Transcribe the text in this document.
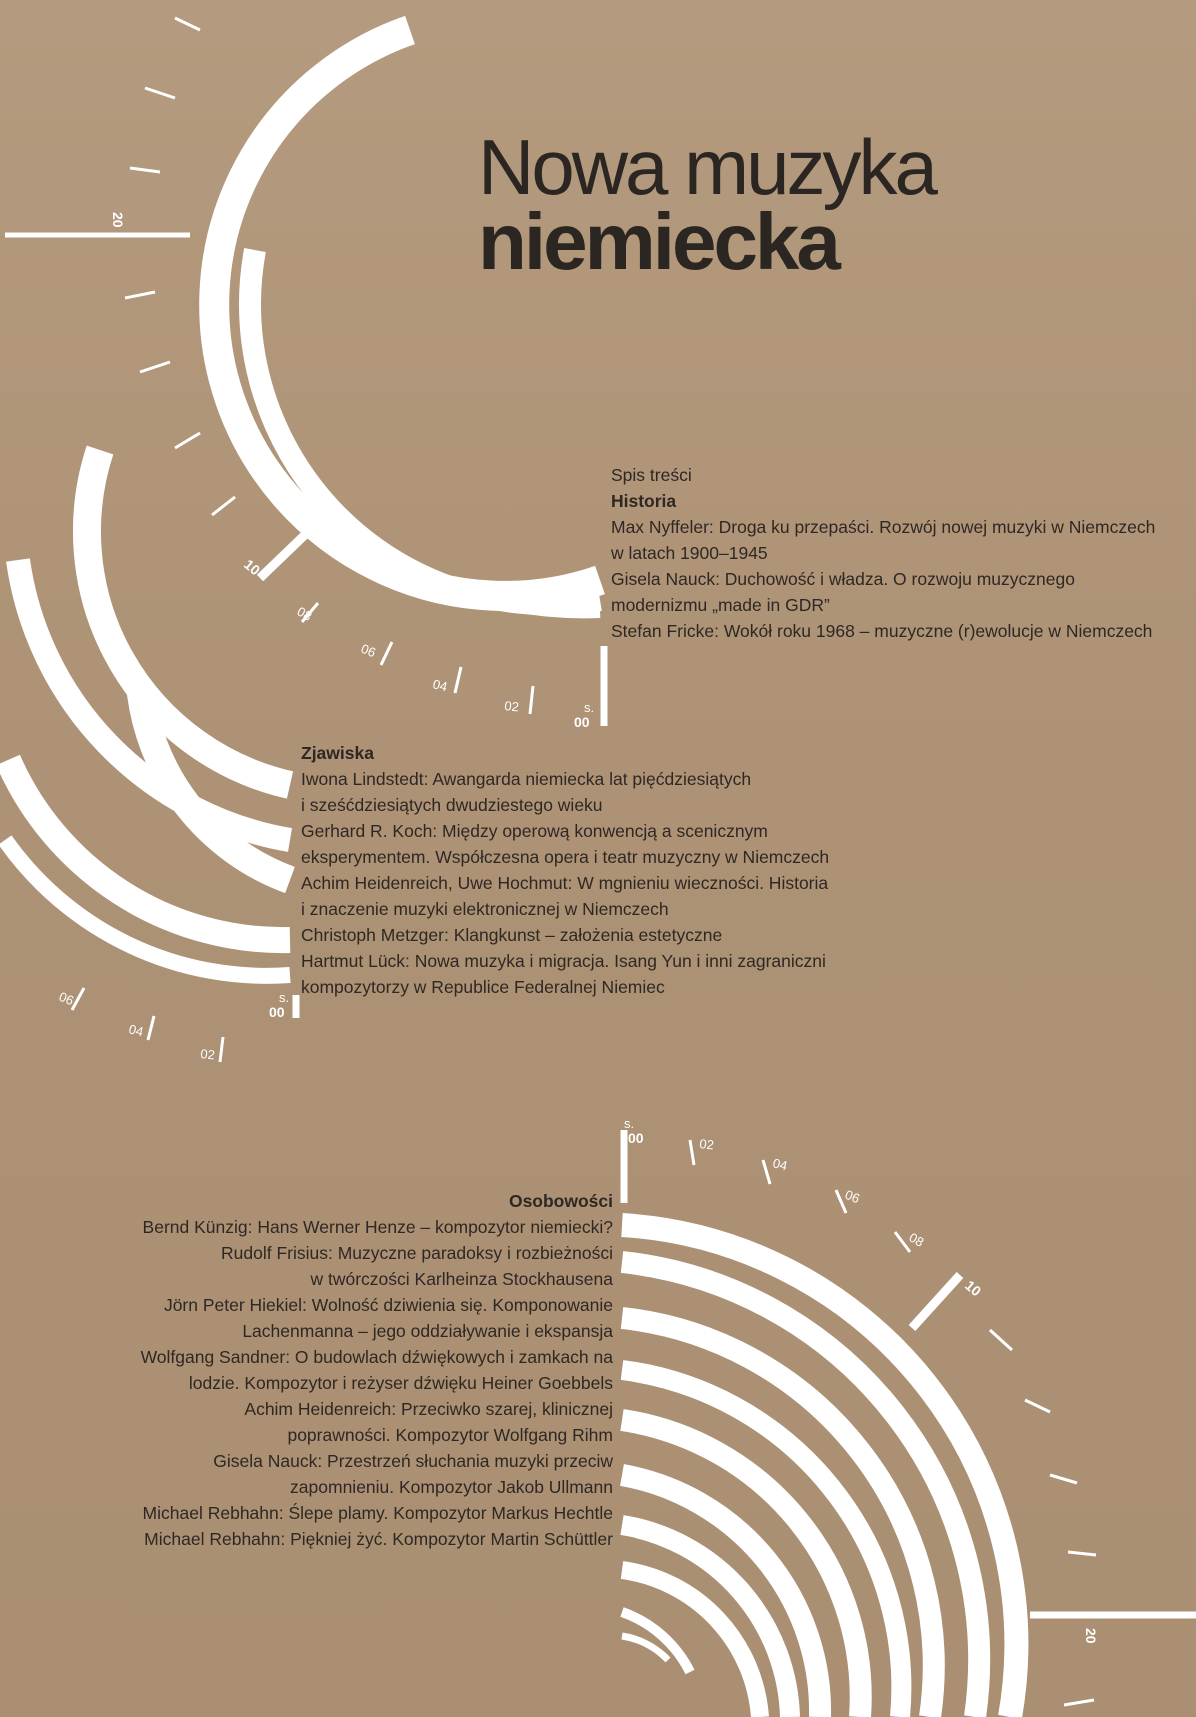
20
10
08
06
04
02	s.
00
06
04
02
s.
00
s.
00	02
04
06
08
10
20
Nowa muzyka
niemiecka

Spis treści

Historia

Max Nyffeler: Droga ku przepaści. Rozwój nowej muzyki w Niemczech

w latach 1900–1945

Gisela Nauck: Duchowość i władza. O rozwoju muzycznego

modernizmu „made in GDR”

Stefan Fricke: Wokół roku 1968 – muzyczne (r)ewolucje w Niemczech

Zjawiska

Iwona Lindstedt: Awangarda niemiecka lat pięćdziesiątych

i sześćdziesiątych dwudziestego wieku

Gerhard R. Koch: Między operową konwencją a scenicznym

eksperymentem. Współczesna opera i teatr muzyczny w Niemczech

Achim Heidenreich, Uwe Hochmut: W mgnieniu wieczności. Historia

i znaczenie muzyki elektronicznej w Niemczech

Christoph Metzger: Klangkunst – założenia estetyczne

Hartmut Lück: Nowa muzyka i migracja. Isang Yun i inni zagraniczni

kompozytorzy w Republice Federalnej Niemiec

Osobowości

Bernd Künzig: Hans Werner Henze – kompozytor niemiecki?

Rudolf Frisius: Muzyczne paradoksy i rozbieżności

w twórczości Karlheinza Stockhausena

Jörn Peter Hiekiel: Wolność dziwienia się. Komponowanie

Lachenmanna – jego oddziaływanie i ekspansja

Wolfgang Sandner: O budowlach dźwiękowych i zamkach na

lodzie. Kompozytor i reżyser dźwięku Heiner Goebbels

Achim Heidenreich: Przeciwko szarej, klinicznej

poprawności. Kompozytor Wolfgang Rihm

Gisela Nauck: Przestrzeń słuchania muzyki przeciw

zapomnieniu. Kompozytor Jakob Ullmann

Michael Rebhahn: Ślepe plamy. Kompozytor Markus Hechtle

Michael Rebhahn: Piękniej żyć. Kompozytor Martin Schüttler
